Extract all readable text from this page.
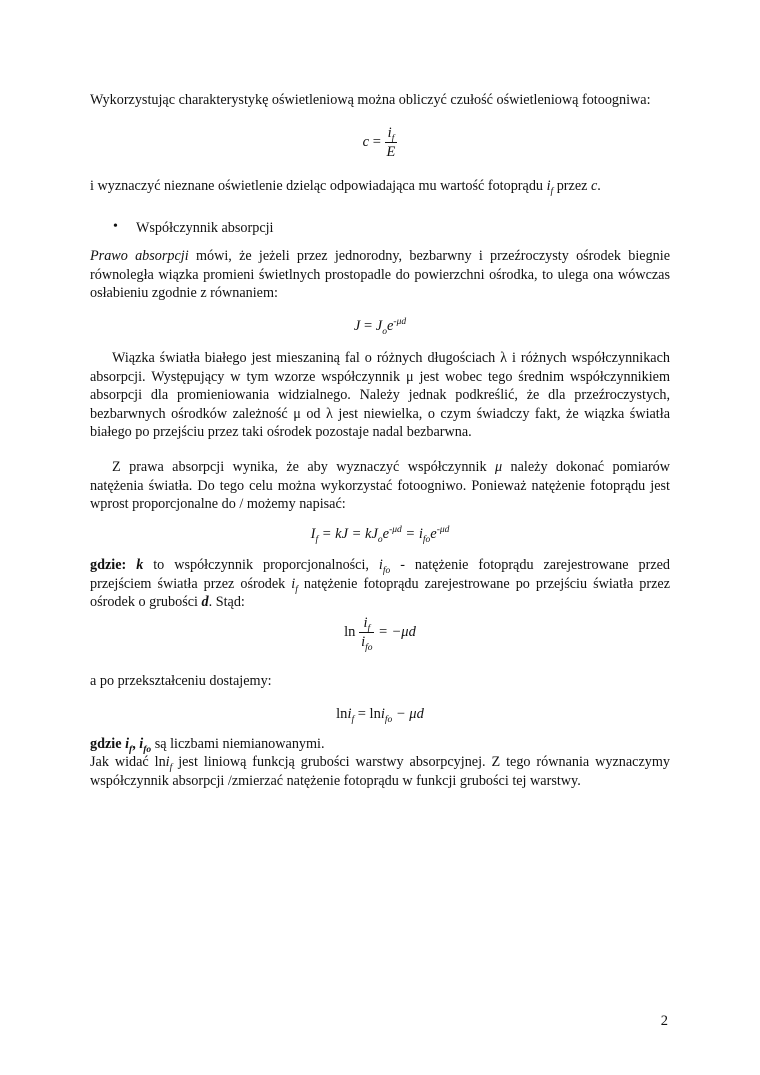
Wykorzystując charakterystykę oświetleniową można obliczyć czułość oświetleniową fotoogniwa:
$c = \frac{i_f}{E}$
i wyznaczyć nieznane oświetlenie dzieląc odpowiadająca mu wartość fotoprądu $i_f$ przez c.
• Współczynnik absorpcji
Prawo absorpcji mówi, że jeżeli przez jednorodny, bezbarwny i przeźroczysty ośrodek biegnie równoległa wiązka promieni świetlnych prostopadle do powierzchni ośrodka, to ulega ona wówczas osłabieniu zgodnie z równaniem:
$J = J_oe^{-\mu d}$
Wiązka światła białego jest mieszaniną fal o różnych długościach λ i różnych współczynnikach absorpcji. Występujący w tym wzorze współczynnik μ jest wobec tego średnim współczynnikiem absorpcji dla promieniowania widzialnego. Należy jednak podkreślić, że dla przeźroczystych, bezbarwnych ośrodków zależność μ od λ jest niewielka, o czym świadczy fakt, że wiązka światła białego po przejściu przez taki ośrodek pozostaje nadal bezbarwna.
Z prawa absorpcji wynika, że aby wyznaczyć współczynnik μ należy dokonać pomiarów natężenia światła. Do tego celu można wykorzystać fotoogniwo. Ponieważ natężenie fotoprądu jest wprost proporcjonalne do / możemy napisać:
$I_f$ = kJ = $kJ_oe^{-\mu d} = i_{fo}e^{-\mu d}$
gdzie: k to współczynnik proporcjonalności, $i_{fo}$ - natężenie fotoprądu zarejestrowane przed przejściem światła przez ośrodek $i_f$ natężenie fotoprądu zarejestrowane po przejściu światła przez ośrodek o grubości d. Stąd:
$\ln \frac{i_f}{i_{fo}} = -\mu d$
a po przekształceniu dostajemy:
lni$_f$ = lni$_{fo}$ − μd
gdzie $i_f$, $i_{fo}$ są liczbami niemianowanymi.
Jak widać lni$_f$ jest liniową funkcją grubości warstwy absorpcyjnej. Z tego równania wyznaczymy współczynnik absorpcji /zmierzać natężenie fotoprądu w funkcji grubości tej warstwy.
2
